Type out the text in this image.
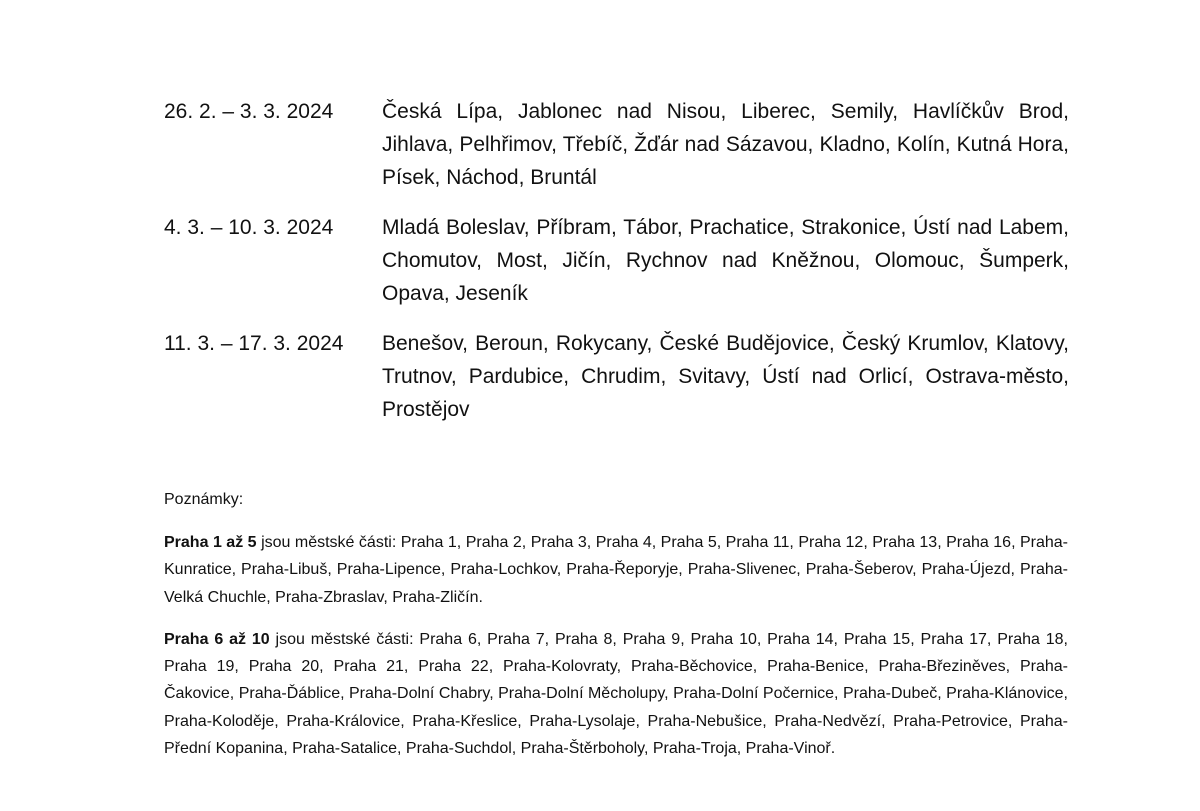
26. 2. – 3. 3. 2024	Česká Lípa, Jablonec nad Nisou, Liberec, Semily, Havlíčkův Brod, Jihlava, Pelhřimov, Třebíč, Žďár nad Sázavou, Kladno, Kolín, Kutná Hora, Písek, Náchod, Bruntál
4. 3. – 10. 3. 2024	Mladá Boleslav, Příbram, Tábor, Prachatice, Strakonice, Ústí nad Labem, Chomutov, Most, Jičín, Rychnov nad Kněžnou, Olomouc, Šumperk, Opava, Jeseník
11. 3. – 17. 3. 2024	Benešov, Beroun, Rokycany, České Budějovice, Český Krumlov, Klatovy, Trutnov, Pardubice, Chrudim, Svitavy, Ústí nad Orlicí, Ostrava-město, Prostějov
Poznámky:
Praha 1 až 5 jsou městské části: Praha 1, Praha 2, Praha 3, Praha 4, Praha 5, Praha 11, Praha 12, Praha 13, Praha 16, Praha-Kunratice, Praha-Libuš, Praha-Lipence, Praha-Lochkov, Praha-Řeporyje, Praha-Slivenec, Praha-Šeberov, Praha-Újezd, Praha-Velká Chuchle, Praha-Zbraslav, Praha-Zličín.
Praha 6 až 10 jsou městské části: Praha 6, Praha 7, Praha 8, Praha 9, Praha 10, Praha 14, Praha 15, Praha 17, Praha 18, Praha 19, Praha 20, Praha 21, Praha 22, Praha-Kolovraty, Praha-Běchovice, Praha-Benice, Praha-Březiněves, Praha-Čakovice, Praha-Ďáblice, Praha-Dolní Chabry, Praha-Dolní Měcholupy, Praha-Dolní Počernice, Praha-Dubeč, Praha-Klánovice, Praha-Koloděje, Praha-Královice, Praha-Křeslice, Praha-Lysolaje, Praha-Nebušice, Praha-Nedvězí, Praha-Petrovice, Praha-Přední Kopanina, Praha-Satalice, Praha-Suchdol, Praha-Štěrboholy, Praha-Troja, Praha-Vinoř.
